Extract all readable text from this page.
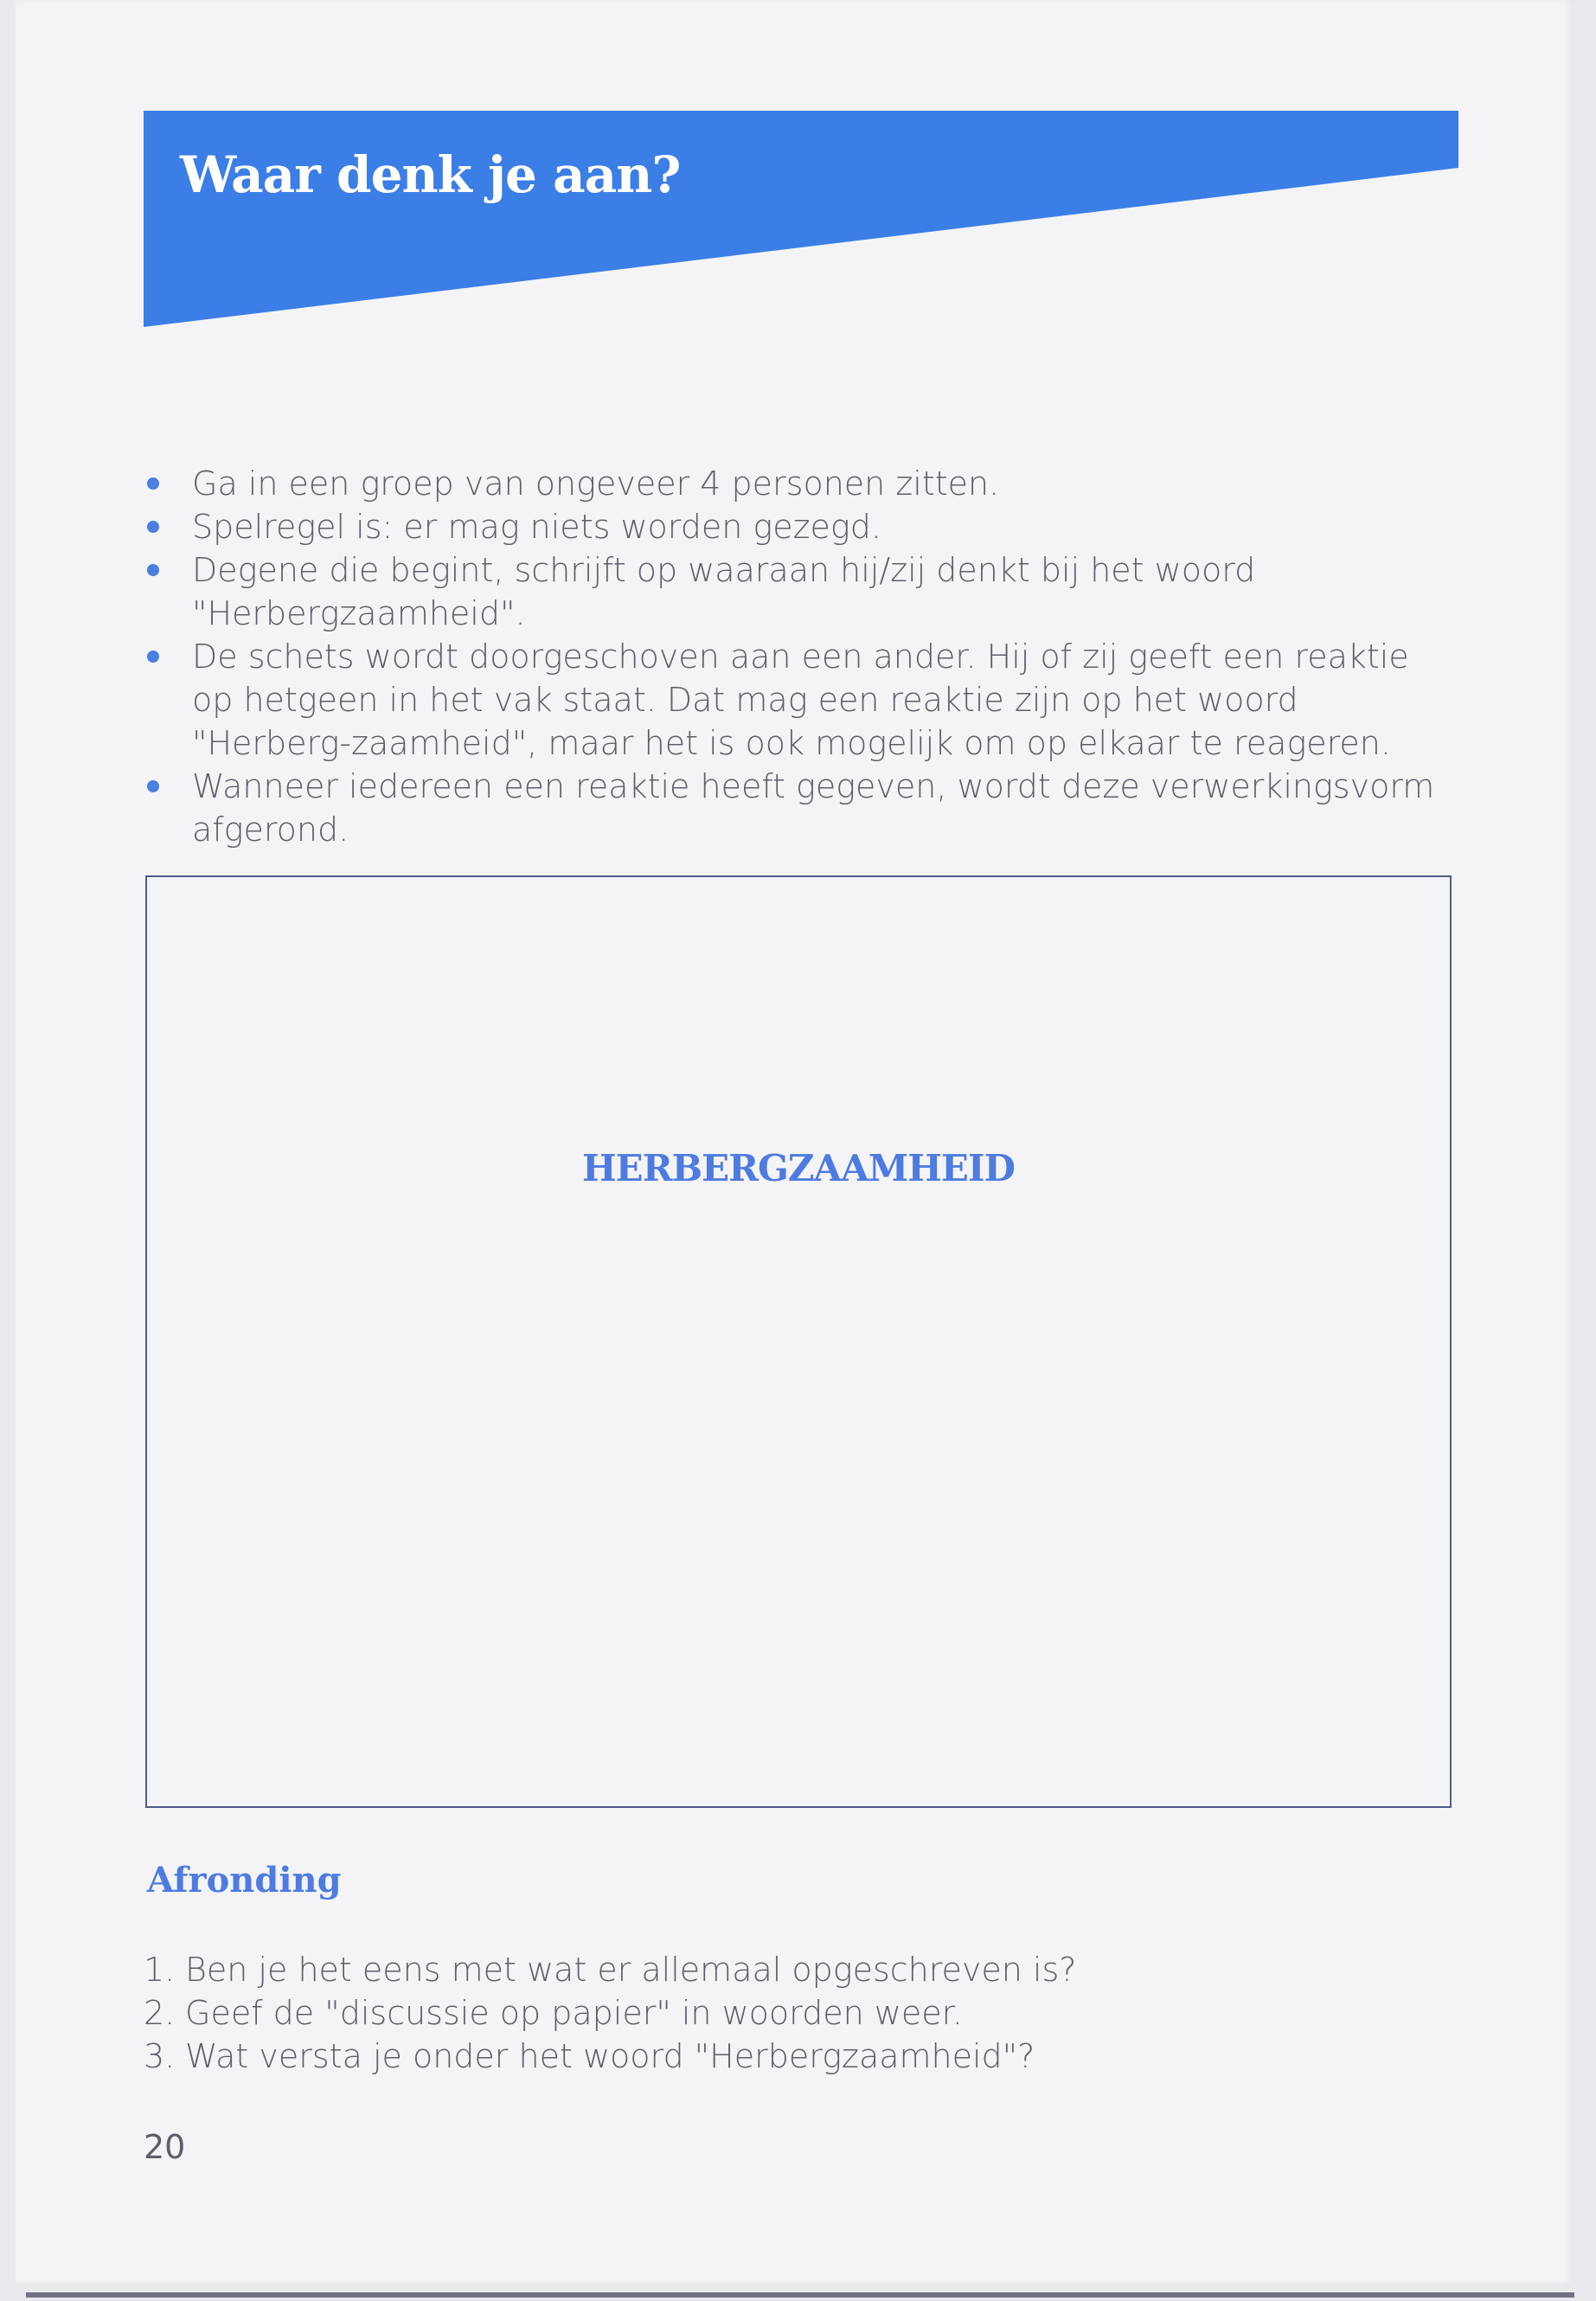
Waar denk je aan?
Ga in een groep van ongeveer 4 personen zitten.
Spelregel is: er mag niets worden gezegd.
Degene die begint, schrijft op waaraan hij/zij denkt bij het woord "Herbergzaamheid".
De schets wordt doorgeschoven aan een ander. Hij of zij geeft een reaktie op hetgeen in het vak staat. Dat mag een reaktie zijn op het woord "Herberg-zaamheid", maar het is ook mogelijk om op elkaar te reageren.
Wanneer iedereen een reaktie heeft gegeven, wordt deze verwerkingsvorm afgerond.
HERBERGZAAMHEID
Afronding
1. Ben je het eens met wat er allemaal opgeschreven is?
2. Geef de "discussie op papier" in woorden weer.
3. Wat versta je onder het woord "Herbergzaamheid"?
20
